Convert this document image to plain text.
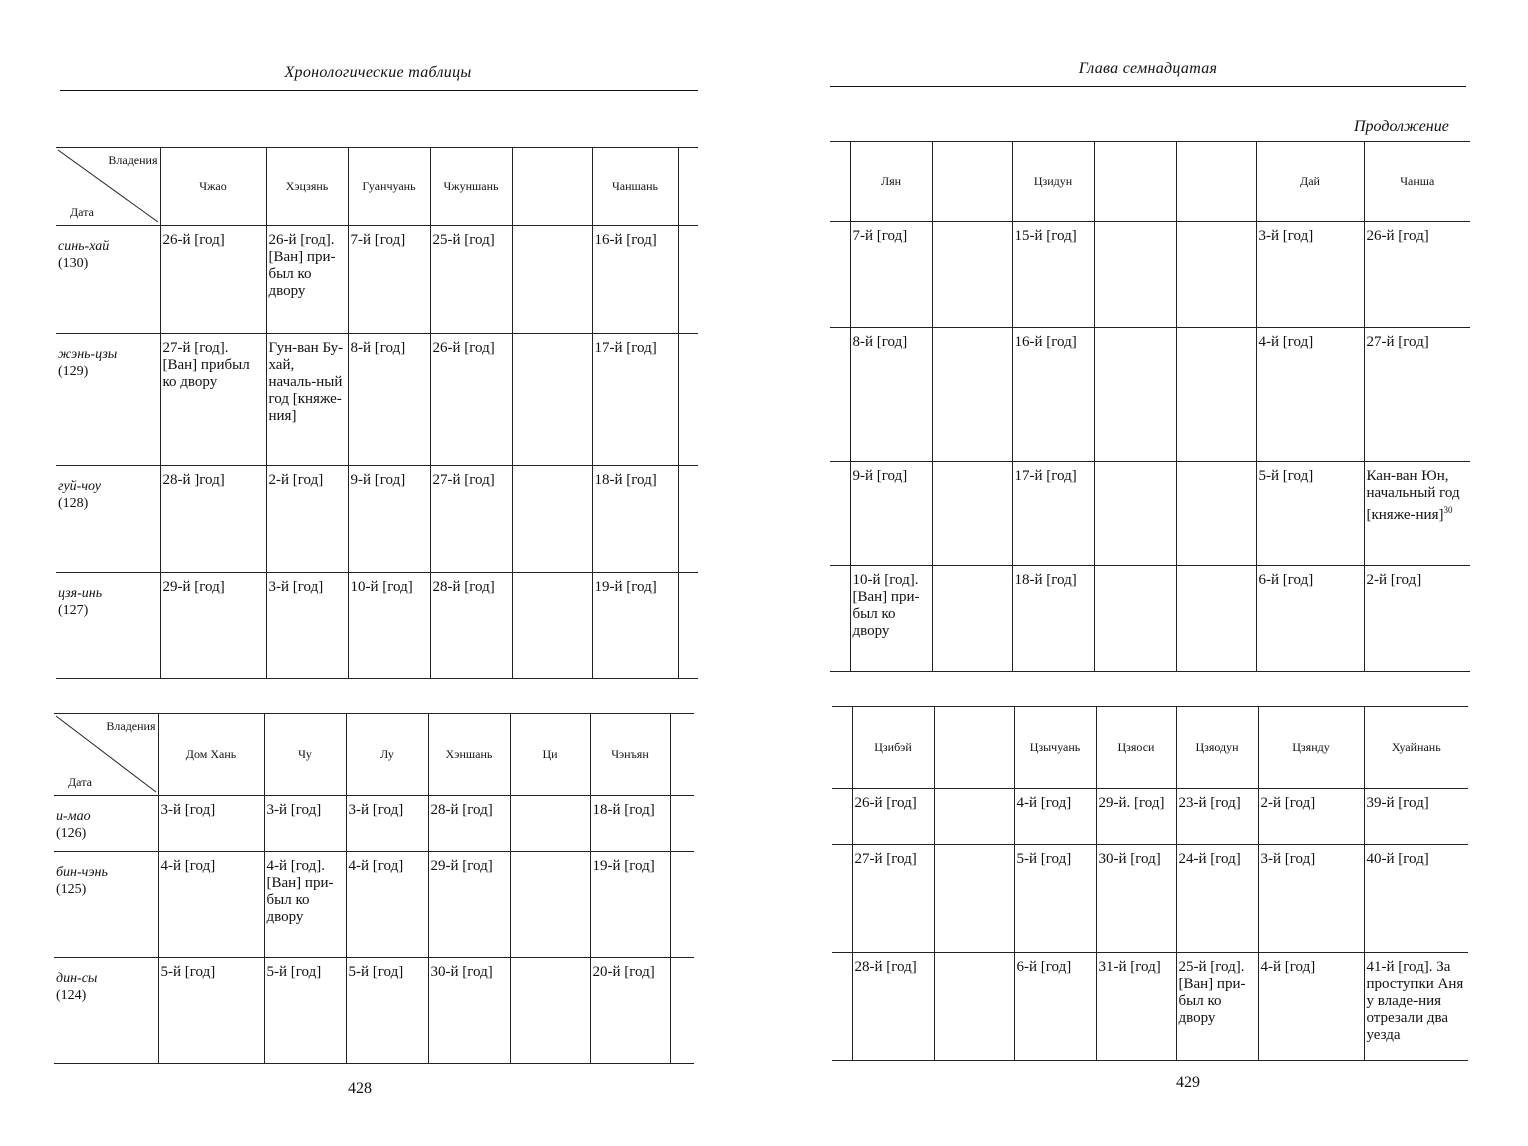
Хронологические таблицы
Владения
Дата	Чжао	Хэцзянь	Гуанчуань	Чжуншань		Чаншань	
синь-хай
(130)	26-й [год]	26-й [год]. [Ван] при-был ко двору	7-й [год]	25-й [год]		16-й [год]	
жэнь-цзы
(129)	27-й [год]. [Ван] прибыл ко двору	Гун-ван Бу-хай, началь-ный год [княже-ния]	8-й [год]	26-й [год]		17-й [год]	
гуй-чоу
(128)	28-й ]год]	2-й [год]	9-й [год]	27-й [год]		18-й [год]	
цзя-инь
(127)	29-й [год]	3-й [год]	10-й [год]	28-й [год]		19-й [год]	
Владения
Дата	Дом Хань	Чу	Лу	Хэншань	Ци	Чэнъян	
и-мао
(126)	3-й [год]	3-й [год]	3-й [год]	28-й [год]		18-й [год]	
бин-чэнь
(125)	4-й [год]	4-й [год]. [Ван] при-был ко двору	4-й [год]	29-й [год]		19-й [год]	
дин-сы
(124)	5-й [год]	5-й [год]	5-й [год]	30-й [год]		20-й [год]	
428
Глава семнадцатая
Продолжение
	Лян		Цзидун			Дай	Чанша
	7-й [год]		15-й [год]			3-й [год]	26-й [год]
	8-й [год]		16-й [год]			4-й [год]	27-й [год]
	9-й [год]		17-й [год]			5-й [год]	Кан-ван Юн, начальный год [княже-ния]$^{30}$
	10-й [год]. [Ван] при-был ко двору		18-й [год]			6-й [год]	2-й [год]
	Цзибэй		Цзычуань	Цзяоси	Цзяодун	Цзянду	Хуайнань
	26-й [год]		4-й [год]	29-й. [год]	23-й [год]	2-й [год]	39-й [год]
	27-й [год]		5-й [год]	30-й [год]	24-й [год]	3-й [год]	40-й [год]
	28-й [год]		6-й [год]	31-й [год]	25-й [год]. [Ван] при-был ко двору	4-й [год]	41-й [год]. За проступки Аня у владе-ния отрезали два уезда
429
